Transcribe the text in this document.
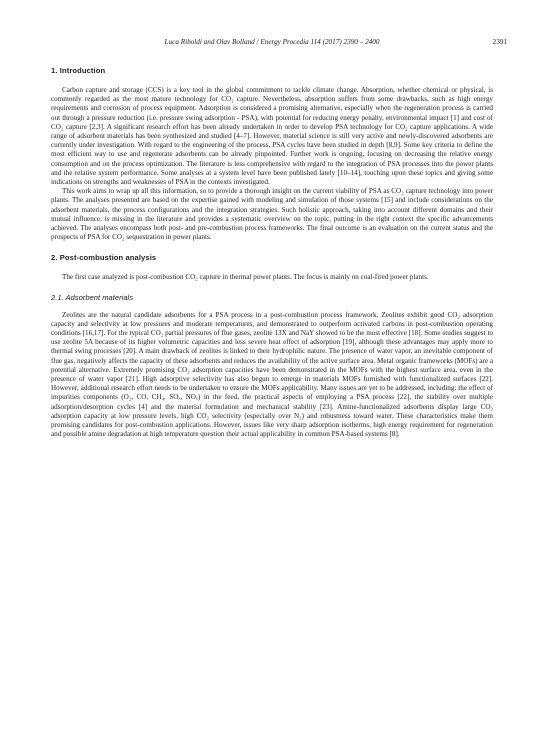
Luca Riboldi and Olav Bolland / Energy Procedia 114 (2017) 2390 – 2400	2391
1. Introduction

Carbon capture and storage (CCS) is a key tool in the global commitment to tackle climate change. Absorption, whether chemical or physical, is commonly regarded as the most mature technology for CO₂ capture. Nevertheless, absorption suffers from some drawbacks, such as high energy requirements and corrosion of process equipment. Adsorption is considered a promising alternative, especially when the regeneration process is carried out through a pressure reduction (i.e. pressure swing adsorption - PSA), with potential for reducing energy penalty, environmental impact [1] and cost of CO₂ capture [2,3]. A significant research effort has been already undertaken in order to develop PSA technology for CO₂ capture applications. A wide range of adsorbent materials has been synthesized and studied [4–7]. However, material science is still very active and newly-discovered adsorbents are currently under investigation. With regard to the engineering of the process, PSA cycles have been studied in depth [8,9]. Some key criteria to define the most efficient way to use and regenerate adsorbents can be already pinpointed. Further work is ongoing, focusing on decreasing the relative energy consumption and on the process optimization. The literature is less comprehensive with regard to the integration of PSA processes into the power plants and the relative system performance. Some analyses at a system level have been published lately [10–14], touching upon these topics and giving some indications on strengths and weaknesses of PSA in the contexts investigated.

This work aims to wrap up all this information, so to provide a thorough insight on the current viability of PSA as CO₂ capture technology into power plants. The analyses presented are based on the expertise gained with modeling and simulation of those systems [15] and include considerations on the adsorbent materials, the process configurations and the integration strategies. Such holistic approach, taking into account different domains and their mutual influence, is missing in the literature and provides a systematic overview on the topic, putting in the right context the specific advancements achieved. The analyses encompass both post- and pre-combustion process frameworks. The final outcome is an evaluation on the current status and the prospects of PSA for CO₂ sequestration in power plants.

2. Post-combustion analysis

The first case analyzed is post-combustion CO₂ capture in thermal power plants. The focus is mainly on coal-fired power plants.

2.1. Adsorbent materials

Zeolites are the natural candidate adsorbents for a PSA process in a post-combustion process framework. Zeolites exhibit good CO₂ adsorption capacity and selectivity at low pressures and moderate temperatures, and demonstrated to outperform activated carbons in post-combustion operating conditions [16,17]. For the typical CO₂ partial pressures of flue gases, zeolite 13X and NaY showed to be the most effective [18]. Some studies suggest to use zeolite 5A because of its higher volumetric capacities and less severe heat effect of adsorption [19], although these advantages may apply more to thermal swing processes [20]. A main drawback of zeolites is linked to their hydrophilic nature. The presence of water vapor, an inevitable component of flue gas, negatively affects the capacity of these adsorbents and reduces the availability of the active surface area. Metal organic frameworks (MOFs) are a potential alternative. Extremely promising CO₂ adsorption capacities have been demonstrated in the MOFs with the highest surface area, even in the presence of water vapor [21]. High adsorptive selectivity has also begun to emerge in materials MOFs furnished with functionalized surfaces [22]. However, additional research effort needs to be undertaken to ensure the MOFs applicability. Many issues are yet to be addressed, including: the effect of impurities components (O₂, CO, CH₄, SOₓ, NOₓ) in the feed, the practical aspects of employing a PSA process [22], the stability over multiple adsorption/desorption cycles [4] and the material formulation and mechanical stability [23]. Amine-functionalized adsorbents display large CO₂ adsorption capacity at low pressure levels, high CO₂ selectivity (especially over N₂) and robustness toward water. These characteristics make them promising candidates for post-combustion applications. However, issues like very sharp adsorption isotherms, high energy requirement for regeneration and possible amine degradation at high temperature question their actual applicability in common PSA-based systems [8].
